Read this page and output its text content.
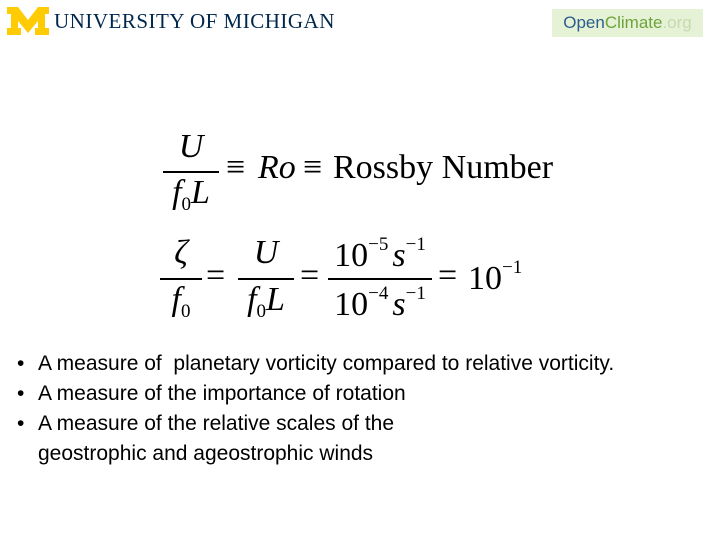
UNIVERSITY OF MICHIGAN	Open Climate .org
U
$f_0L$
≡ Ro ≡ Rossby Number
ζ
$f_0$
=
U
$f_0L$
=
$10^{-5}$ $s^{-1}$
$10^{-4}$ $s^{-1} = 10^{-1}$
• A measure of  planetary vorticity compared to relative vorticity.
• A measure of the importance of rotation
• A measure of the relative scales of the
geostrophic and ageostrophic winds
